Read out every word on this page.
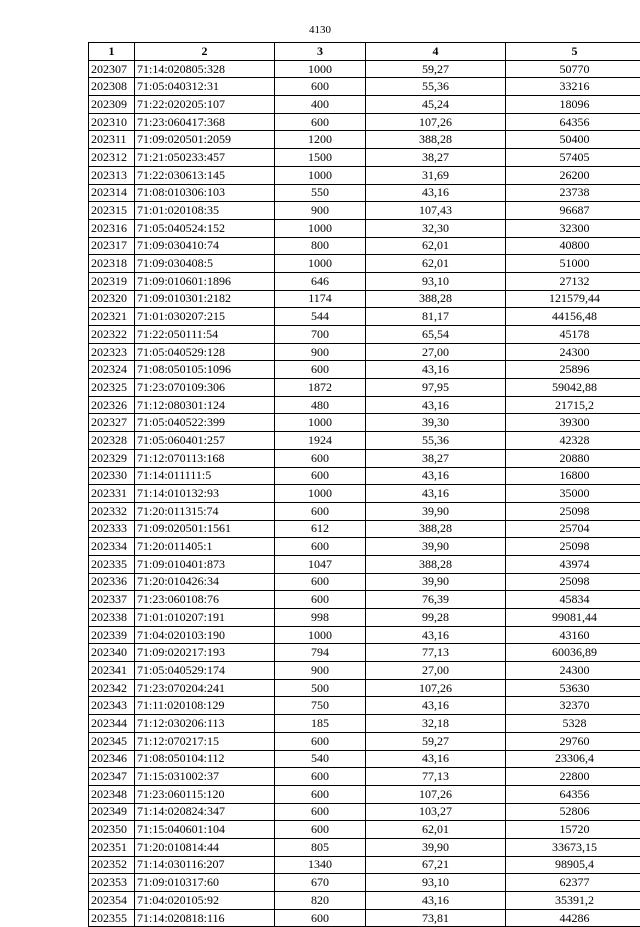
4130
1	2	3	4	5
202307	71:14:020805:328	1000	59,27	50770
202308	71:05:040312:31	600	55,36	33216
202309	71:22:020205:107	400	45,24	18096
202310	71:23:060417:368	600	107,26	64356
202311	71:09:020501:2059	1200	388,28	50400
202312	71:21:050233:457	1500	38,27	57405
202313	71:22:030613:145	1000	31,69	26200
202314	71:08:010306:103	550	43,16	23738
202315	71:01:020108:35	900	107,43	96687
202316	71:05:040524:152	1000	32,30	32300
202317	71:09:030410:74	800	62,01	40800
202318	71:09:030408:5	1000	62,01	51000
202319	71:09:010601:1896	646	93,10	27132
202320	71:09:010301:2182	1174	388,28	121579,44
202321	71:01:030207:215	544	81,17	44156,48
202322	71:22:050111:54	700	65,54	45178
202323	71:05:040529:128	900	27,00	24300
202324	71:08:050105:1096	600	43,16	25896
202325	71:23:070109:306	1872	97,95	59042,88
202326	71:12:080301:124	480	43,16	21715,2
202327	71:05:040522:399	1000	39,30	39300
202328	71:05:060401:257	1924	55,36	42328
202329	71:12:070113:168	600	38,27	20880
202330	71:14:011111:5	600	43,16	16800
202331	71:14:010132:93	1000	43,16	35000
202332	71:20:011315:74	600	39,90	25098
202333	71:09:020501:1561	612	388,28	25704
202334	71:20:011405:1	600	39,90	25098
202335	71:09:010401:873	1047	388,28	43974
202336	71:20:010426:34	600	39,90	25098
202337	71:23:060108:76	600	76,39	45834
202338	71:01:010207:191	998	99,28	99081,44
202339	71:04:020103:190	1000	43,16	43160
202340	71:09:020217:193	794	77,13	60036,89
202341	71:05:040529:174	900	27,00	24300
202342	71:23:070204:241	500	107,26	53630
202343	71:11:020108:129	750	43,16	32370
202344	71:12:030206:113	185	32,18	5328
202345	71:12:070217:15	600	59,27	29760
202346	71:08:050104:112	540	43,16	23306,4
202347	71:15:031002:37	600	77,13	22800
202348	71:23:060115:120	600	107,26	64356
202349	71:14:020824:347	600	103,27	52806
202350	71:15:040601:104	600	62,01	15720
202351	71:20:010814:44	805	39,90	33673,15
202352	71:14:030116:207	1340	67,21	98905,4
202353	71:09:010317:60	670	93,10	62377
202354	71:04:020105:92	820	43,16	35391,2
202355	71:14:020818:116	600	73,81	44286
